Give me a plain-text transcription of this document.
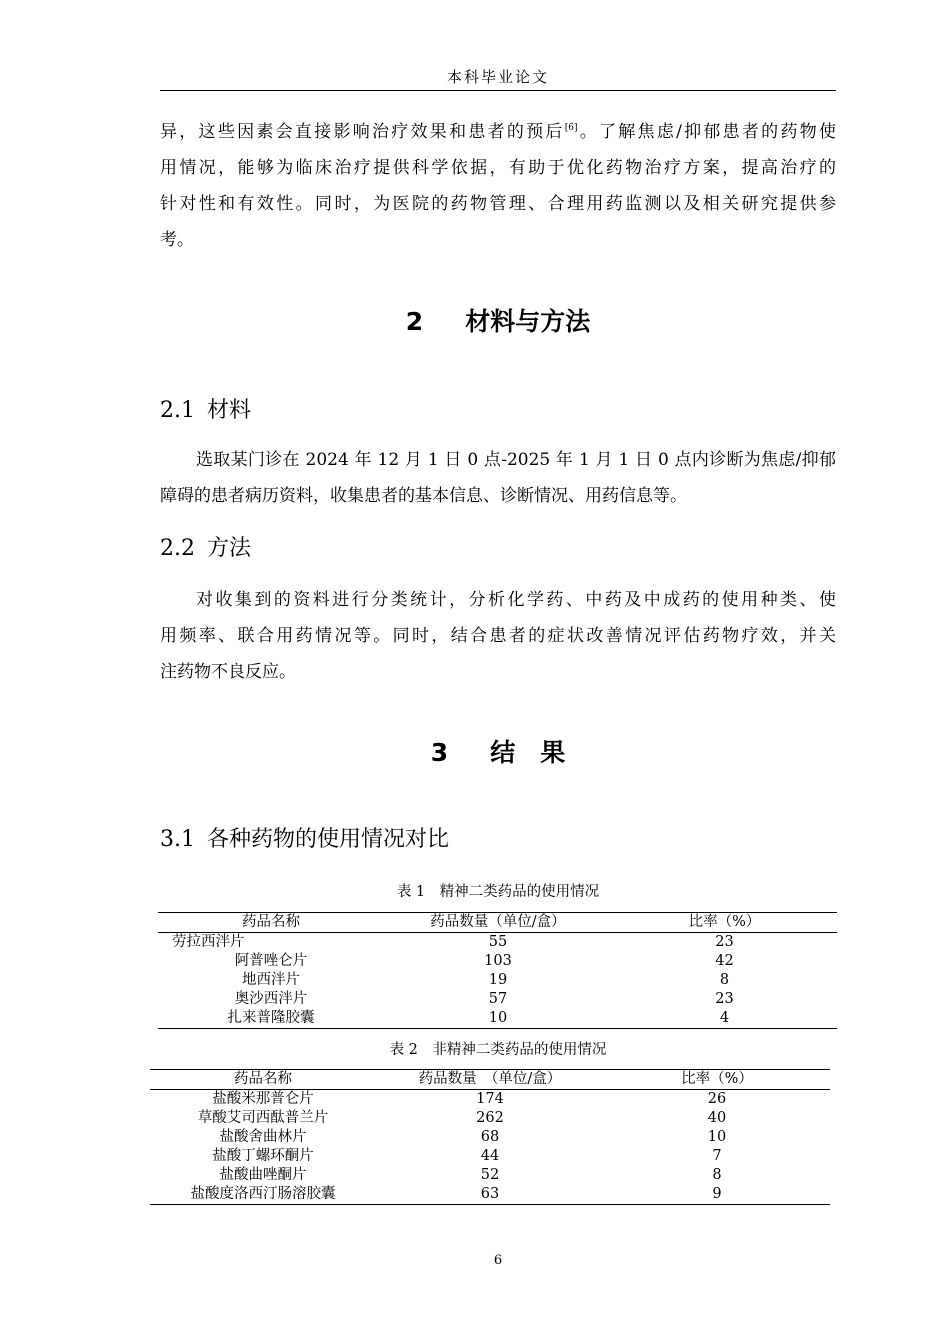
本科毕业论文
异，这些因素会直接影响治疗效果和患者的预后[6]。了解焦虑/抑郁患者的药物使
用情况，能够为临床治疗提供科学依据，有助于优化药物治疗方案，提高治疗的
针对性和有效性。同时，为医院的药物管理、合理用药监测以及相关研究提供参
考。
2 材料与方法
2.1 材料
选取某门诊在 2024 年 12 月 1 日 0 点-2025 年 1 月 1 日 0 点内诊断为焦虑/抑郁
障碍的患者病历资料，收集患者的基本信息、诊断情况、用药信息等。
2.2 方法
对收集到的资料进行分类统计，分析化学药、中药及中成药的使用种类、使
用频率、联合用药情况等。同时，结合患者的症状改善情况评估药物疗效，并关
注药物不良反应。
3 结　果
3.1 各种药物的使用情况对比
表 1　精神二类药品的使用情况
药品名称	药品数量（单位/盒）	比率（%）
劳拉西泮片	55	23
阿普唑仑片	103	42
地西泮片	19	8
奥沙西泮片	57	23
扎来普隆胶囊	10	4
表 2　非精神二类药品的使用情况
药品名称	药品数量　（单位/盒）	比率（%）
盐酸米那普仑片	174	26
草酸艾司西酞普兰片	262	40
盐酸舍曲林片	68	10
盐酸丁螺环酮片	44	7
盐酸曲唑酮片	52	8
盐酸度洛西汀肠溶胶囊	63	9
6
